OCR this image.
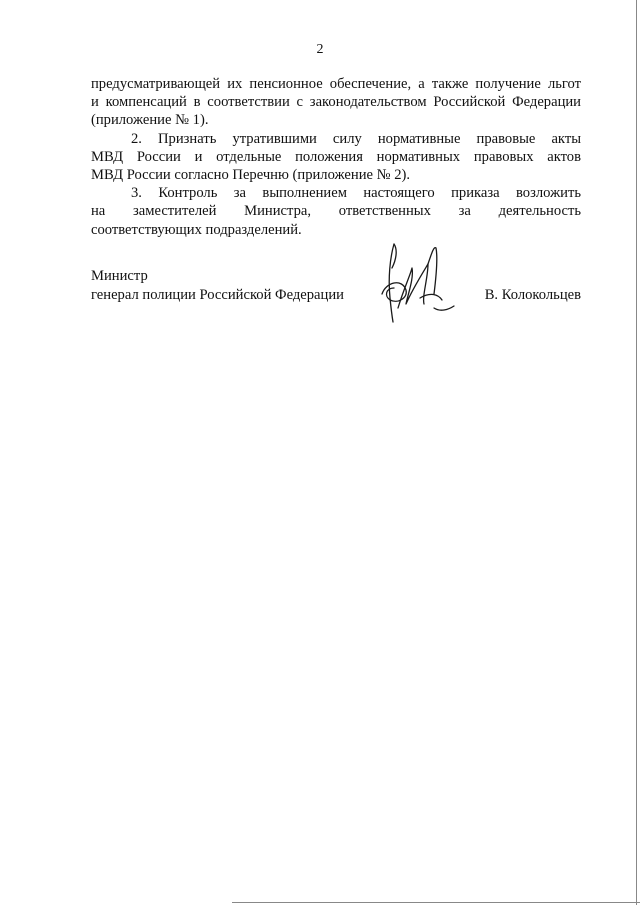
2
предусматривающей их пенсионное обеспечение, а также получение льгот
и компенсаций в соответствии с законодательством Российской Федерации
(приложение № 1).
2. Признать утратившими силу нормативные правовые акты
МВД России и отдельные положения нормативных правовых актов
МВД России согласно Перечню (приложение № 2).
3. Контроль за выполнением настоящего приказа возложить
на заместителей Министра, ответственных за деятельность
соответствующих подразделений.
Министр
генерал полиции Российской Федерации	В. Колокольцев
